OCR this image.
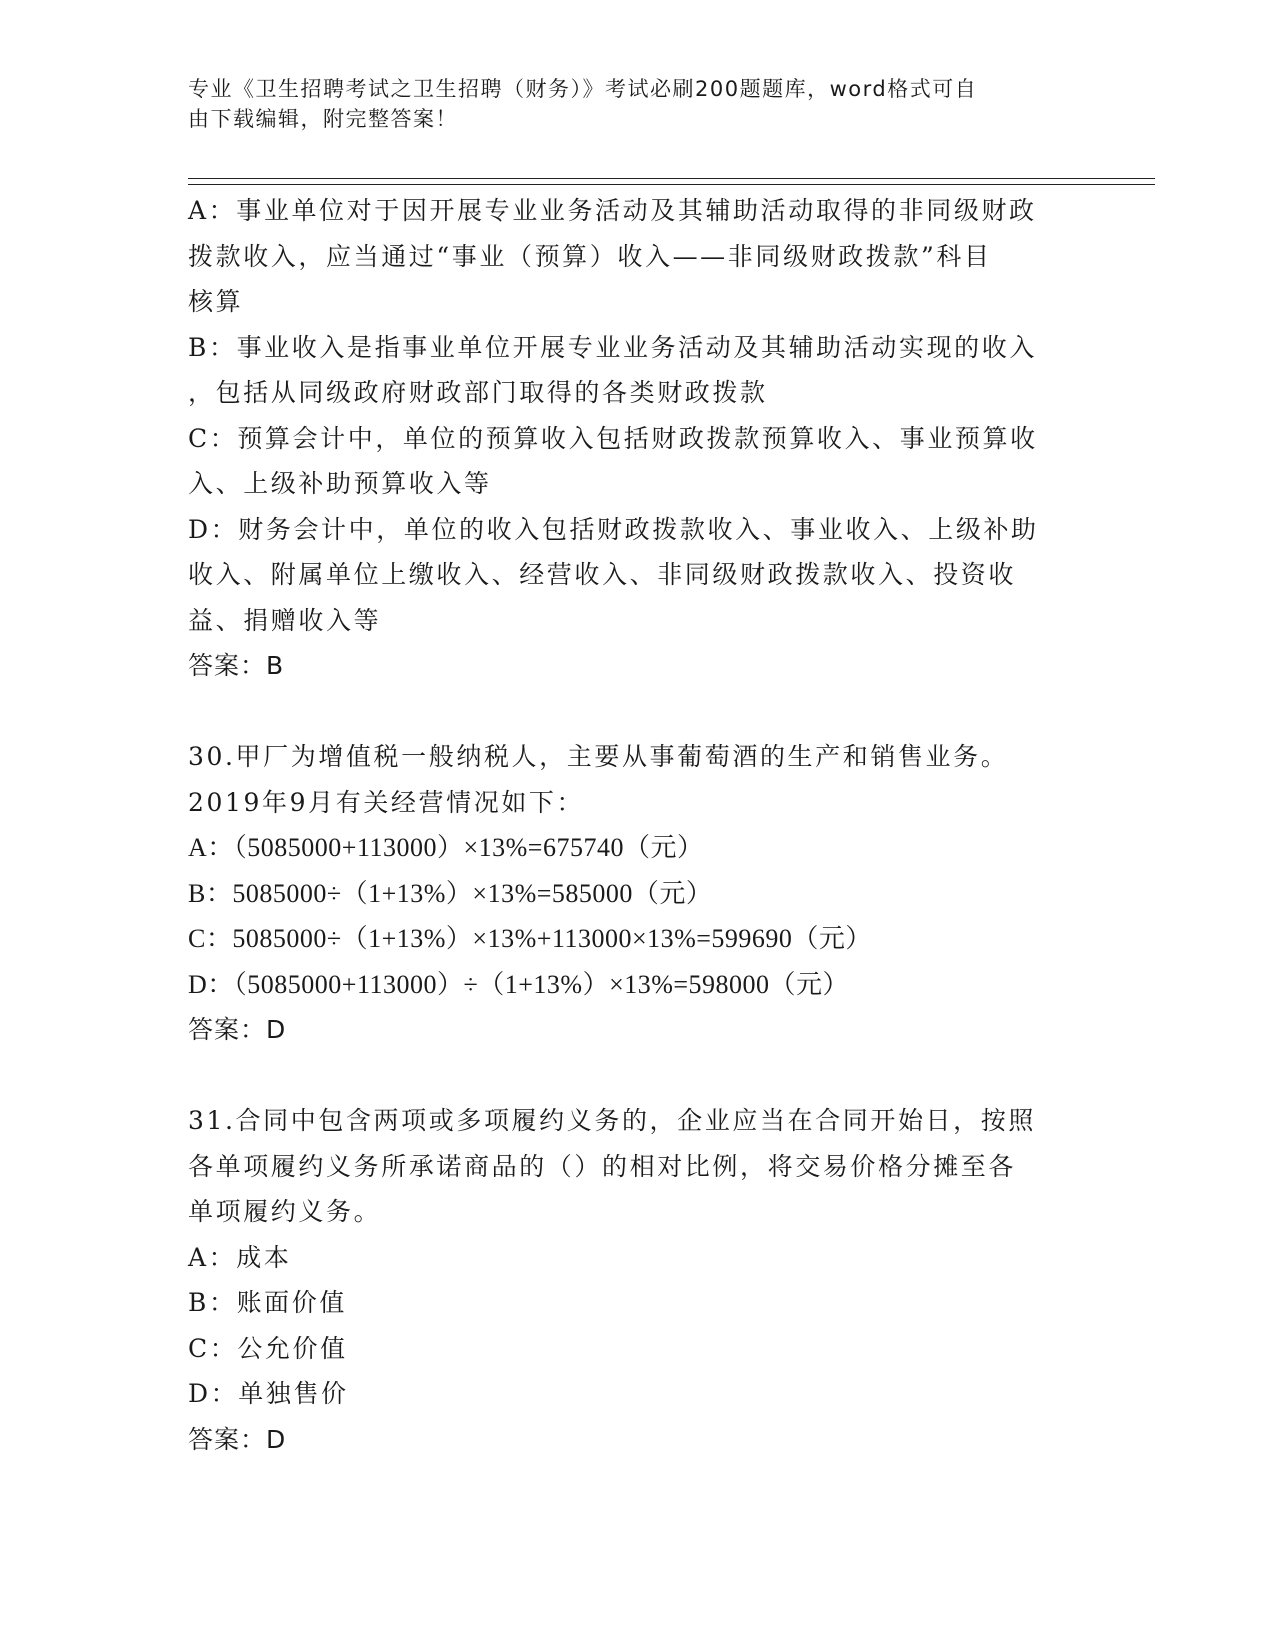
专业《卫生招聘考试之卫生招聘（财务）》考试必刷200题题库，word格式可自
由下载编辑，附完整答案！
A：事业单位对于因开展专业业务活动及其辅助活动取得的非同级财政
拨款收入，应当通过“事业（预算）收入——非同级财政拨款”科目
核算
B：事业收入是指事业单位开展专业业务活动及其辅助活动实现的收入
，包括从同级政府财政部门取得的各类财政拨款
C：预算会计中，单位的预算收入包括财政拨款预算收入、事业预算收
入、上级补助预算收入等
D：财务会计中，单位的收入包括财政拨款收入、事业收入、上级补助
收入、附属单位上缴收入、经营收入、非同级财政拨款收入、投资收
益、捐赠收入等
答案：B
30.甲厂为增值税一般纳税人，主要从事葡萄酒的生产和销售业务。
2019年9月有关经营情况如下：
A：（5085000+113000）×13%=675740（元）
B：5085000÷（1+13%）×13%=585000（元）
C：5085000÷（1+13%）×13%+113000×13%=599690（元）
D：（5085000+113000）÷（1+13%）×13%=598000（元）
答案：D
31.合同中包含两项或多项履约义务的，企业应当在合同开始日，按照
各单项履约义务所承诺商品的（）的相对比例，将交易价格分摊至各
单项履约义务。
A：成本
B：账面价值
C：公允价值
D：单独售价
答案：D
